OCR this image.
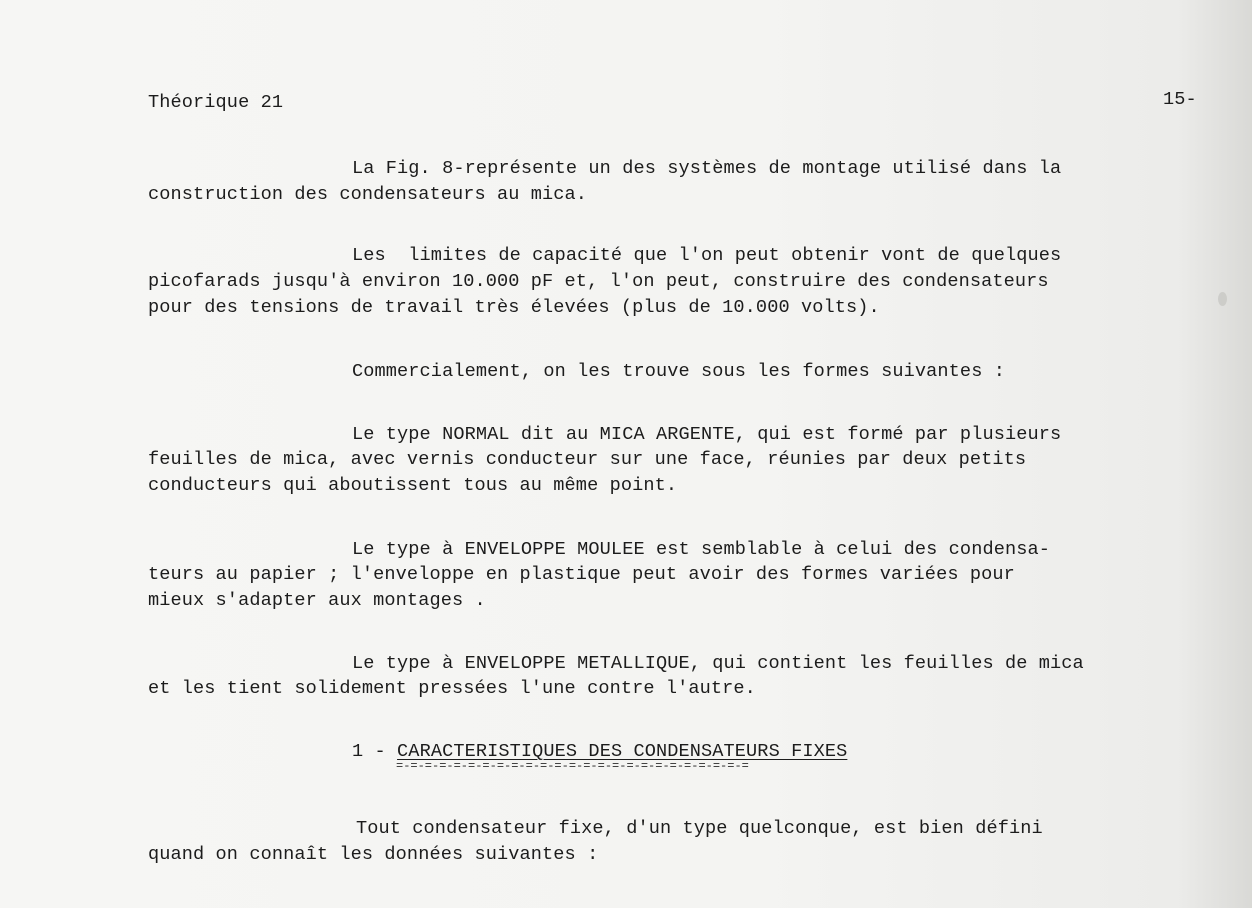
Théorique 21	15-
La Fig. 8-représente un des systèmes de montage utilisé dans la
construction des condensateurs au mica.
Les  limites de capacité que l'on peut obtenir vont de quelques
picofarads jusqu'à environ 10.000 pF et, l'on peut, construire des condensateurs
pour des tensions de travail très élevées (plus de 10.000 volts).
Commercialement, on les trouve sous les formes suivantes :
Le type NORMAL dit au MICA ARGENTE, qui est formé par plusieurs
feuilles de mica, avec vernis conducteur sur une face, réunies par deux petits
conducteurs qui aboutissent tous au même point.
Le type à ENVELOPPE MOULEE est semblable à celui des condensa-
teurs au papier ; l'enveloppe en plastique peut avoir des formes variées pour
mieux s'adapter aux montages .
Le type à ENVELOPPE METALLIQUE, qui contient les feuilles de mica
et les tient solidement pressées l'une contre l'autre.
1 - CARACTERISTIQUES DES CONDENSATEURS FIXES
=-=-=-=-=-=-=-=-=-=-=-=-=-=-=-=-=-=-=-=-=-=-=-=-=
Tout condensateur fixe, d'un type quelconque, est bien défini
quand on connaît les données suivantes :
